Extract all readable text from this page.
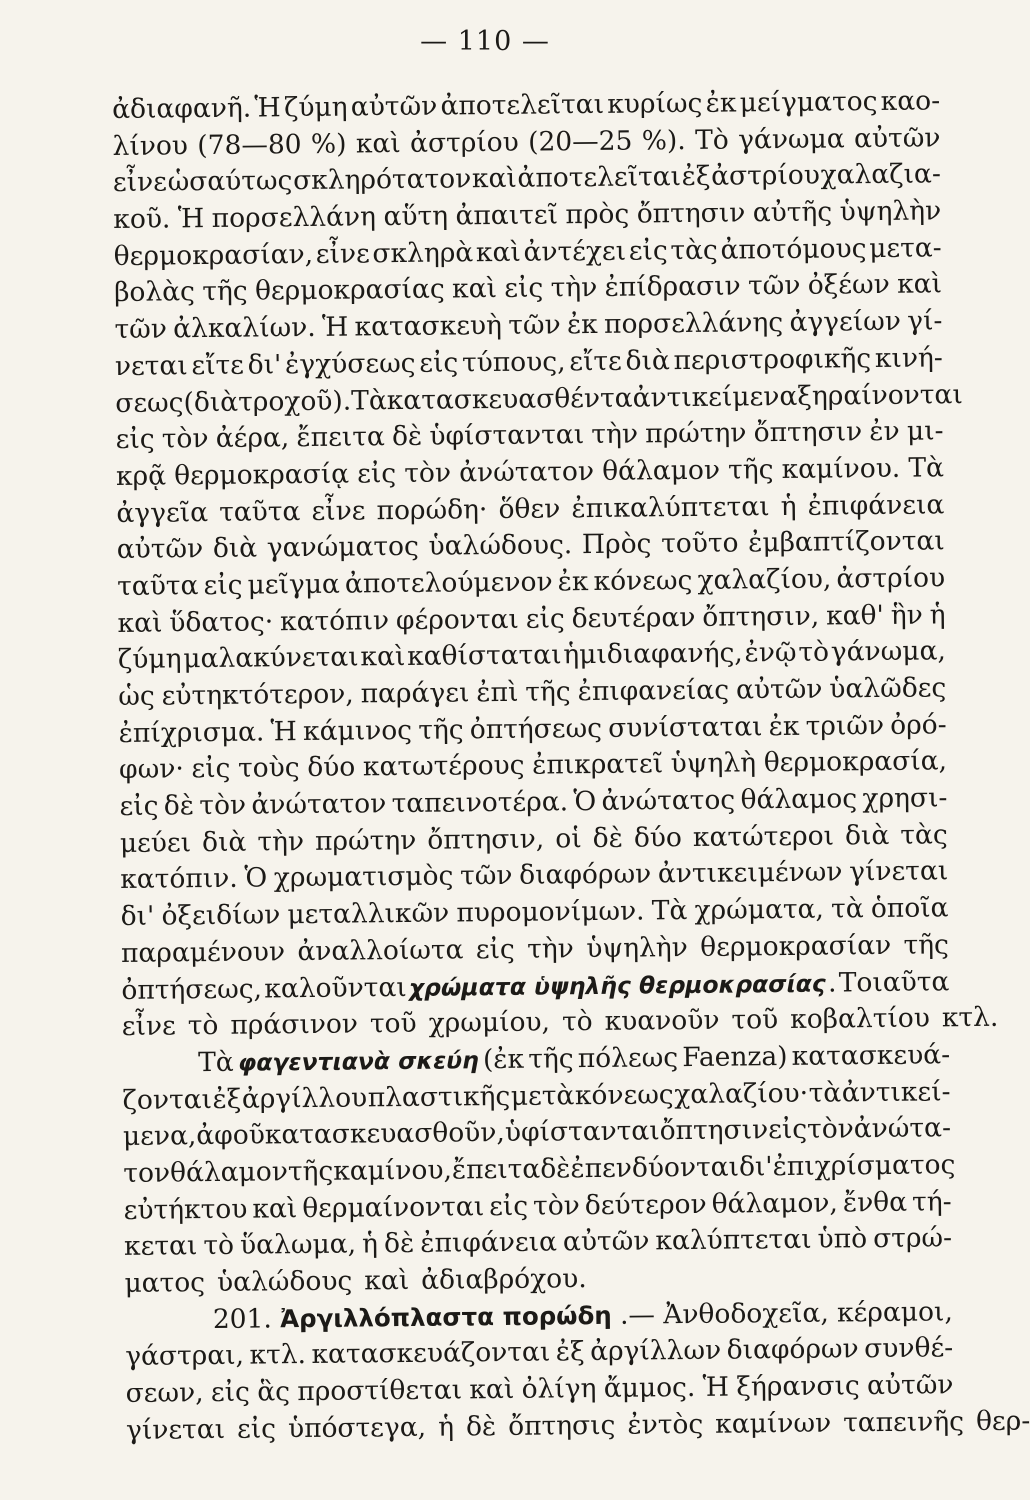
— 110 —
ἀδιαφανῆ. Ἡ ζύμη αὐτῶν ἀποτελεῖται κυρίως ἐκ μείγματος καο-
λίνου (78—80 %) καὶ ἀστρίου (20—25 %). Τὸ γάνωμα αὐτῶν
εἶνε ὡσαύτως σκληρότατον καὶ ἀποτελεῖται ἐξ ἀστρίου χαλαζια-
κοῦ. Ἡ πορσελλάνη αὕτη ἀπαιτεῖ πρὸς ὄπτησιν αὐτῆς ὑψηλὴν
θερμοκρασίαν, εἶνε σκληρὰ καὶ ἀντέχει εἰς τὰς ἀποτόμους μετα-
βολὰς τῆς θερμοκρασίας καὶ εἰς τὴν ἐπίδρασιν τῶν ὀξέων καὶ
τῶν ἀλκαλίων. Ἡ κατασκευὴ τῶν ἐκ πορσελλάνης ἀγγείων γί-
νεται εἴτε δι' ἐγχύσεως εἰς τύπους, εἴτε διὰ περιστροφικῆς κινή-
σεως (διὰ τροχοῦ). Τὰ κατασκευασθέντα ἀντικείμενα ξηραίνονται
εἰς τὸν ἀέρα, ἔπειτα δὲ ὑφίστανται τὴν πρώτην ὄπτησιν ἐν μι-
κρᾷ θερμοκρασίᾳ εἰς τὸν ἀνώτατον θάλαμον τῆς καμίνου. Τὰ
ἀγγεῖα ταῦτα εἶνε πορώδη· ὅθεν ἐπικαλύπτεται ἡ ἐπιφάνεια
αὐτῶν διὰ γανώματος ὑαλώδους. Πρὸς τοῦτο ἐμβαπτίζονται
ταῦτα εἰς μεῖγμα ἀποτελούμενον ἐκ κόνεως χαλαζίου, ἀστρίου
καὶ ὕδατος· κατόπιν φέρονται εἰς δευτέραν ὄπτησιν, καθ' ἣν ἡ
ζύμη μαλακύνεται καὶ καθίσταται ἡμιδιαφανής, ἐνῷ τὸ γάνωμα,
ὡς εὐτηκτότερον, παράγει ἐπὶ τῆς ἐπιφανείας αὐτῶν ὑαλῶδες
ἐπίχρισμα. Ἡ κάμινος τῆς ὀπτήσεως συνίσταται ἐκ τριῶν ὀρό-
φων· εἰς τοὺς δύο κατωτέρους ἐπικρατεῖ ὑψηλὴ θερμοκρασία,
εἰς δὲ τὸν ἀνώτατον ταπεινοτέρα. Ὁ ἀνώτατος θάλαμος χρησι-
μεύει διὰ τὴν πρώτην ὄπτησιν, οἱ δὲ δύο κατώτεροι διὰ τὰς
κατόπιν. Ὁ χρωματισμὸς τῶν διαφόρων ἀντικειμένων γίνεται
δι' ὀξειδίων μεταλλικῶν πυρομονίμων. Τὰ χρώματα, τὰ ὁποῖα
παραμένουν ἀναλλοίωτα εἰς τὴν ὑψηλὴν θερμοκρασίαν τῆς
ὀπτήσεως, καλοῦνται χρώματα ὑψηλῆς θερμοκρασίας . Τοιαῦτα
εἶνε τὸ πράσινον τοῦ χρωμίου, τὸ κυανοῦν τοῦ κοβαλτίου κτλ.
Τὰ φαγεντιανὰ σκεύη (ἐκ τῆς πόλεως Faenza) κατασκευά-
ζονται ἐξ ἀργίλλου πλαστικῆς μετὰ κόνεως χαλαζίου· τὰ ἀντικεί-
μενα, ἀφοῦ κατασκευασθοῦν, ὑφίστανται ὄπτησιν εἰς τὸν ἀνώτα-
τον θάλαμον τῆς καμίνου, ἔπειτα δὲ ἐπενδύονται δι' ἐπιχρίσματος
εὐτήκτου καὶ θερμαίνονται εἰς τὸν δεύτερον θάλαμον, ἔνθα τή-
κεται τὸ ὕαλωμα, ἡ δὲ ἐπιφάνεια αὐτῶν καλύπτεται ὑπὸ στρώ-
ματος ὑαλώδους καὶ ἀδιαβρόχου.
201. Ἀργιλλόπλαστα πορώδη .— Ἀνθοδοχεῖα, κέραμοι,
γάστραι, κτλ. κατασκευάζονται ἐξ ἀργίλλων διαφόρων συνθέ-
σεων, εἰς ἃς προστίθεται καὶ ὀλίγη ἄμμος. Ἡ ξήρανσις αὐτῶν
γίνεται εἰς ὑπόστεγα, ἡ δὲ ὄπτησις ἐντὸς καμίνων ταπεινῆς θερ-
